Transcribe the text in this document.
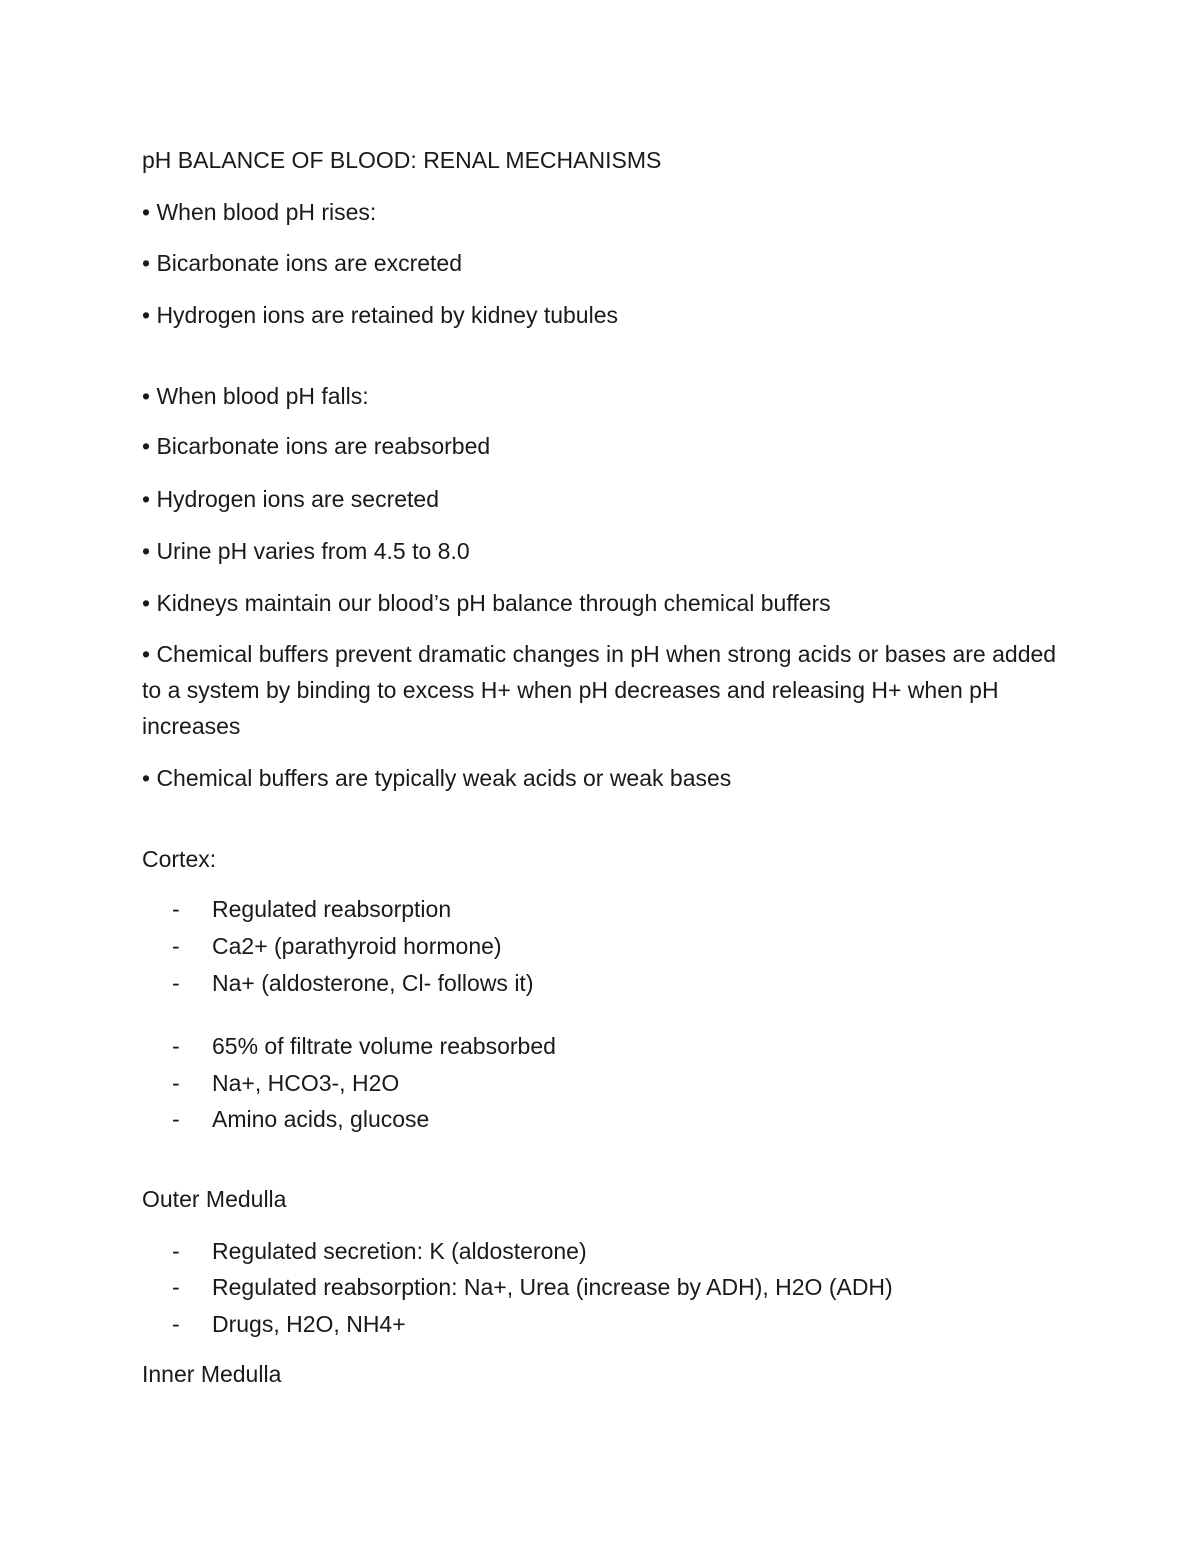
pH BALANCE OF BLOOD: RENAL MECHANISMS
• When blood pH rises:
• Bicarbonate ions are excreted
• Hydrogen ions are retained by kidney tubules
• When blood pH falls:
• Bicarbonate ions are reabsorbed
• Hydrogen ions are secreted
• Urine pH varies from 4.5 to 8.0
• Kidneys maintain our blood’s pH balance through chemical buffers
• Chemical buffers prevent dramatic changes in pH when strong acids or bases are added to a system by binding to excess H+ when pH decreases and releasing H+ when pH increases
• Chemical buffers are typically weak acids or weak bases
Cortex:
- Regulated reabsorption
- Ca2+ (parathyroid hormone)
- Na+ (aldosterone, Cl- follows it)
- 65% of filtrate volume reabsorbed
- Na+, HCO3-, H2O
- Amino acids, glucose
Outer Medulla
- Regulated secretion: K (aldosterone)
- Regulated reabsorption: Na+, Urea (increase by ADH), H2O (ADH)
- Drugs, H2O, NH4+
Inner Medulla
